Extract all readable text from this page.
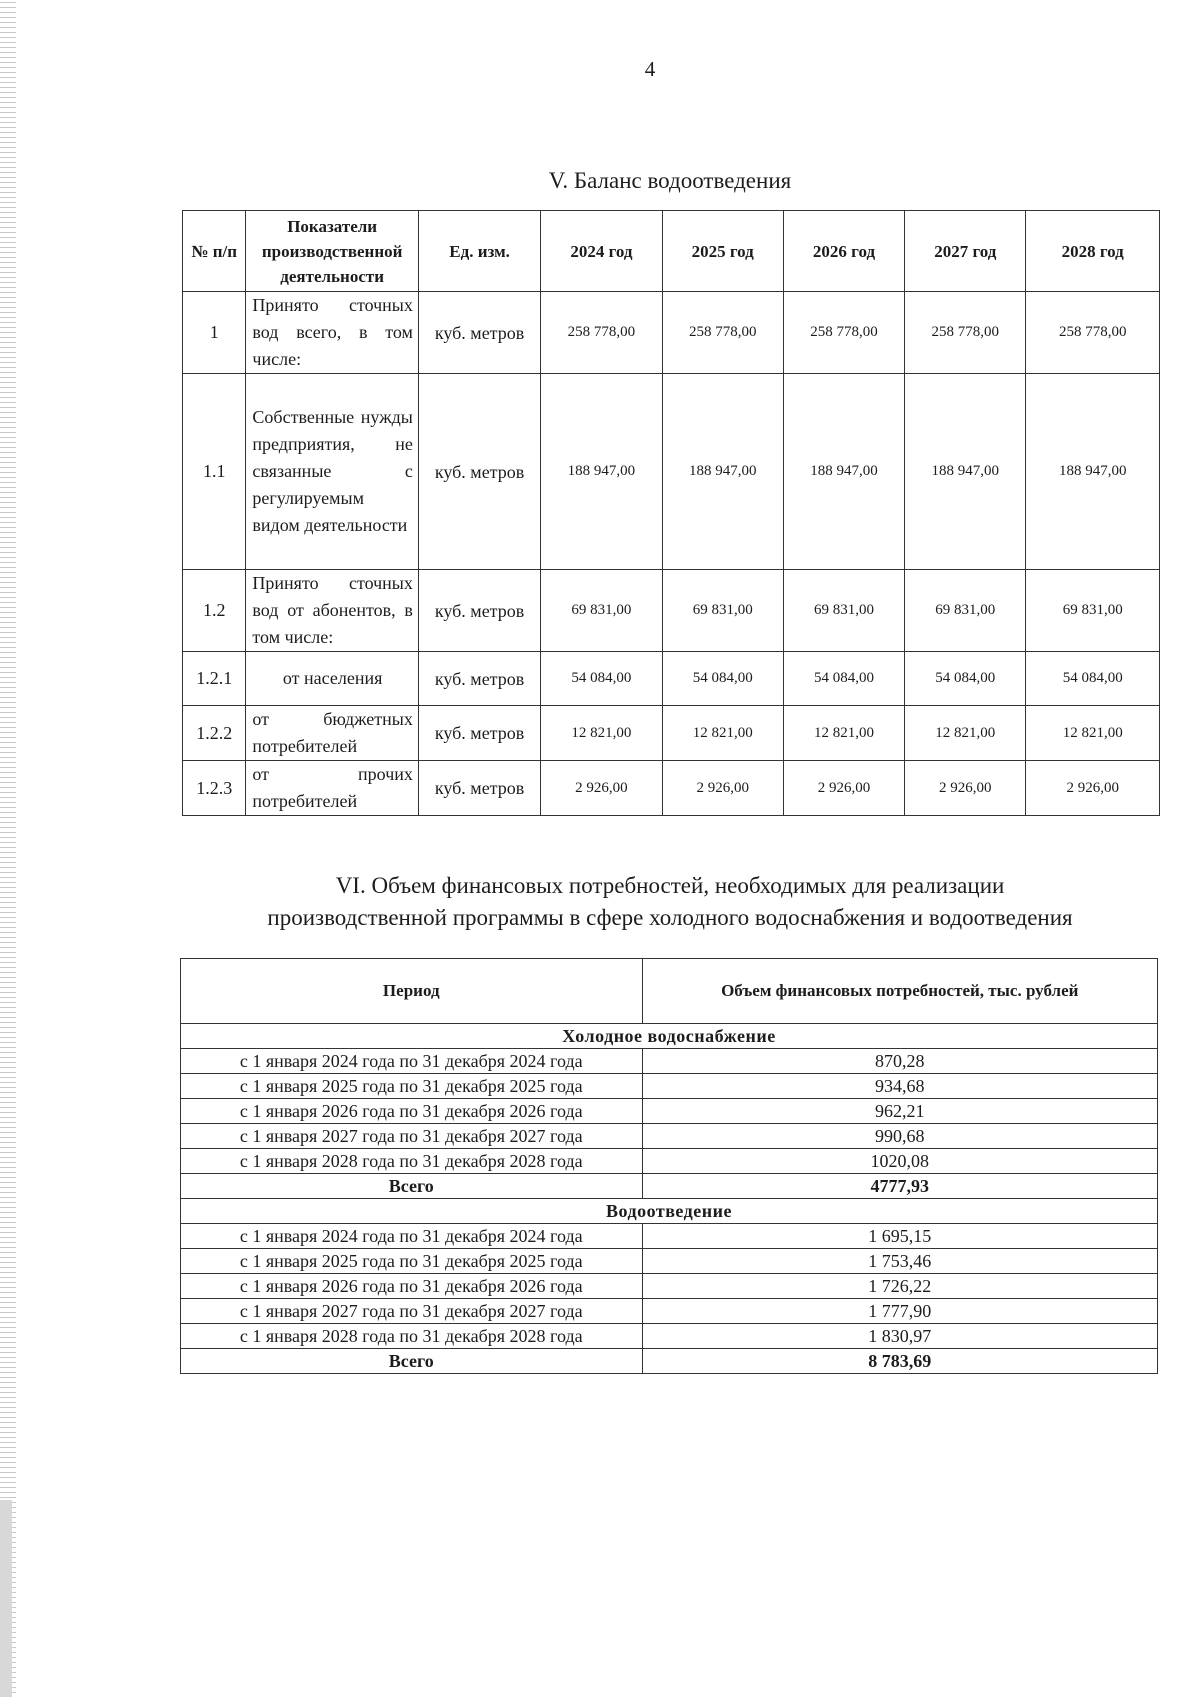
4
V. Баланс водоотведения
№ п/п	Показатели производственной деятельности	Ед. изм.	2024 год	2025 год	2026 год	2027 год	2028 год
1	Принято сточных вод всего, в том числе:	куб. метров	258 778,00	258 778,00	258 778,00	258 778,00	258 778,00
1.1	Собственные нужды предприятия, не связанные с регулируемым видом деятельности	куб. метров	188 947,00	188 947,00	188 947,00	188 947,00	188 947,00
1.2	Принято сточных вод от абонентов, в том числе:	куб. метров	69 831,00	69 831,00	69 831,00	69 831,00	69 831,00
1.2.1	от населения	куб. метров	54 084,00	54 084,00	54 084,00	54 084,00	54 084,00
1.2.2	от бюджетных потребителей	куб. метров	12 821,00	12 821,00	12 821,00	12 821,00	12 821,00
1.2.3	от прочих потребителей	куб. метров	2 926,00	2 926,00	2 926,00	2 926,00	2 926,00
VI. Объем финансовых потребностей, необходимых для реализации
производственной программы в сфере холодного водоснабжения и водоотведения
Период	Объем финансовых потребностей, тыс. рублей
Холодное водоснабжение	
с 1 января 2024 года по 31 декабря 2024 года	870,28
с 1 января 2025 года по 31 декабря 2025 года	934,68
с 1 января 2026 года по 31 декабря 2026 года	962,21
с 1 января 2027 года по 31 декабря 2027 года	990,68
с 1 января 2028 года по 31 декабря 2028 года	1020,08
Всего	4777,93
Водоотведение	
с 1 января 2024 года по 31 декабря 2024 года	1 695,15
с 1 января 2025 года по 31 декабря 2025 года	1 753,46
с 1 января 2026 года по 31 декабря 2026 года	1 726,22
с 1 января 2027 года по 31 декабря 2027 года	1 777,90
с 1 января 2028 года по 31 декабря 2028 года	1 830,97
Всего	8 783,69
